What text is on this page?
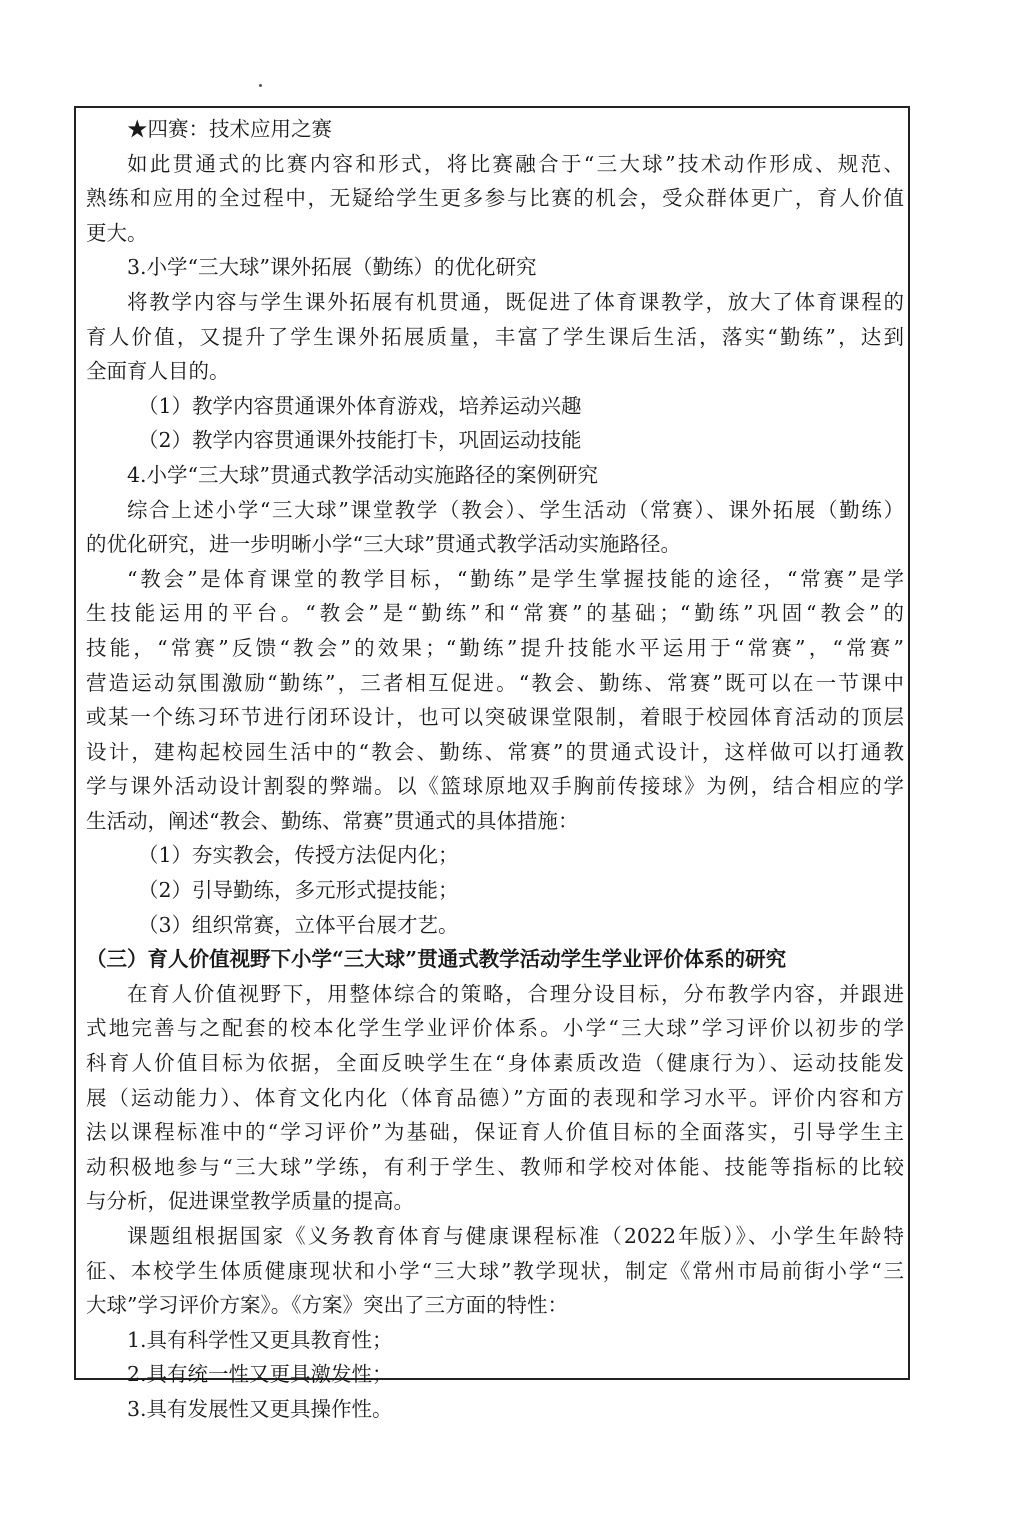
★四赛：技术应用之赛
如此贯通式的比赛内容和形式，将比赛融合于“三大球”技术动作形成、规范、
熟练和应用的全过程中，无疑给学生更多参与比赛的机会，受众群体更广，育人价值
更大。
3.小学“三大球”课外拓展（勤练）的优化研究
将教学内容与学生课外拓展有机贯通，既促进了体育课教学，放大了体育课程的
育人价值，又提升了学生课外拓展质量，丰富了学生课后生活，落实“勤练”，达到
全面育人目的。
（1）教学内容贯通课外体育游戏，培养运动兴趣
（2）教学内容贯通课外技能打卡，巩固运动技能
4.小学“三大球”贯通式教学活动实施路径的案例研究
综合上述小学“三大球”课堂教学（教会）、学生活动（常赛）、课外拓展（勤练）
的优化研究，进一步明晰小学“三大球”贯通式教学活动实施路径。
“教会”是体育课堂的教学目标，“勤练”是学生掌握技能的途径，“常赛”是学
生技能运用的平台。“教会”是“勤练”和“常赛”的基础；“勤练”巩固“教会”的
技能，“常赛”反馈“教会”的效果；“勤练”提升技能水平运用于“常赛”，“常赛”
营造运动氛围激励“勤练”，三者相互促进。“教会、勤练、常赛”既可以在一节课中
或某一个练习环节进行闭环设计，也可以突破课堂限制，着眼于校园体育活动的顶层
设计，建构起校园生活中的“教会、勤练、常赛”的贯通式设计，这样做可以打通教
学与课外活动设计割裂的弊端。以《篮球原地双手胸前传接球》为例，结合相应的学
生活动，阐述“教会、勤练、常赛”贯通式的具体措施：
（1）夯实教会，传授方法促内化；
（2）引导勤练，多元形式提技能；
（3）组织常赛，立体平台展才艺。
（三）育人价值视野下小学“三大球”贯通式教学活动学生学业评价体系的研究
在育人价值视野下，用整体综合的策略，合理分设目标，分布教学内容，并跟进
式地完善与之配套的校本化学生学业评价体系。小学“三大球”学习评价以初步的学
科育人价值目标为依据，全面反映学生在“身体素质改造（健康行为）、运动技能发
展（运动能力）、体育文化内化（体育品德）”方面的表现和学习水平。评价内容和方
法以课程标准中的“学习评价”为基础，保证育人价值目标的全面落实，引导学生主
动积极地参与“三大球”学练，有利于学生、教师和学校对体能、技能等指标的比较
与分析，促进课堂教学质量的提高。
课题组根据国家《义务教育体育与健康课程标准（2022年版）》、小学生年龄特
征、本校学生体质健康现状和小学“三大球”教学现状，制定《常州市局前街小学“三
大球”学习评价方案》。《方案》突出了三方面的特性：
1.具有科学性又更具教育性；
2.具有统一性又更具激发性；
3.具有发展性又更具操作性。
